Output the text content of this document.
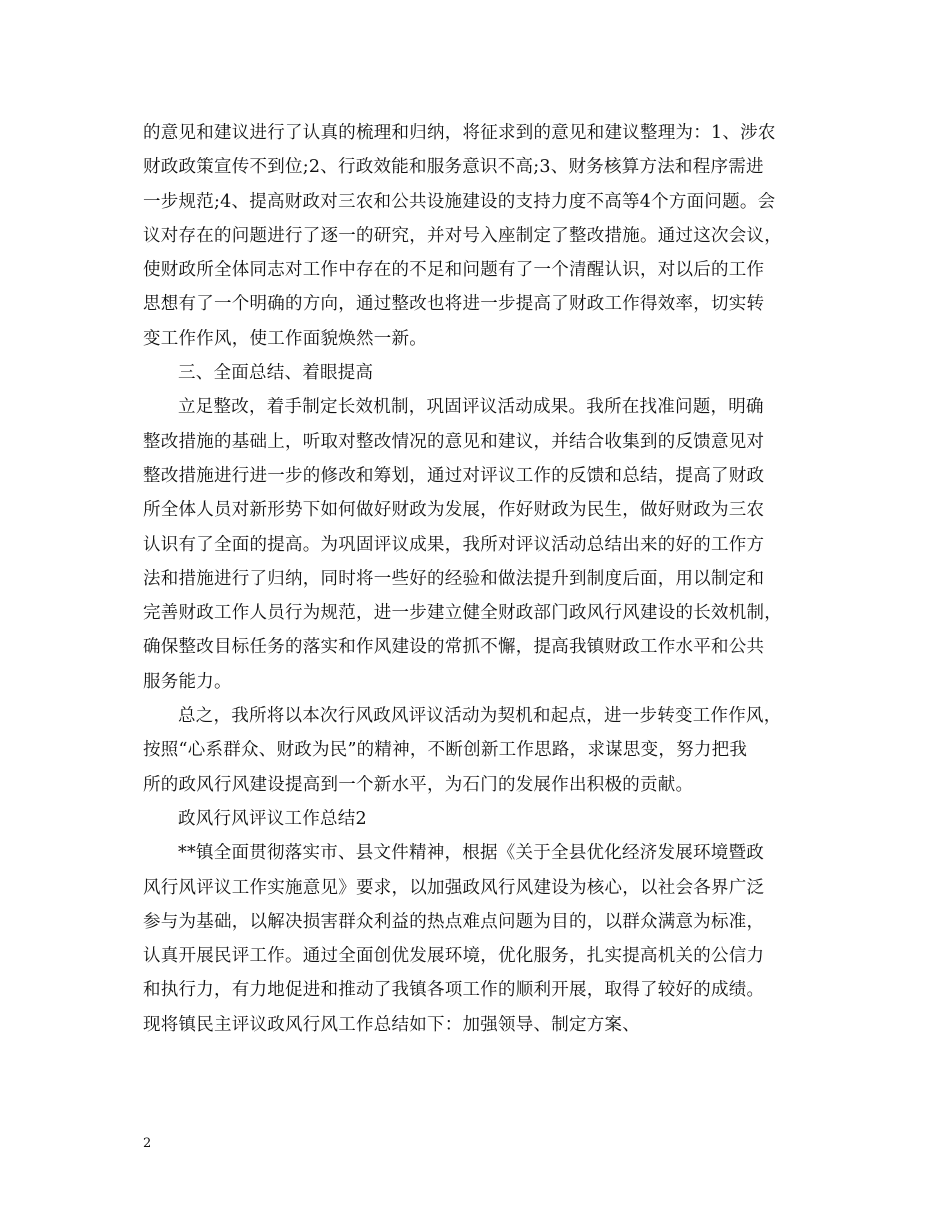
的意见和建议进行了认真的梳理和归纳，将征求到的意见和建议整理为：1、涉农
财政政策宣传不到位;2、行政效能和服务意识不高;3、财务核算方法和程序需进
一步规范;4、提高财政对三农和公共设施建设的支持力度不高等4个方面问题。会
议对存在的问题进行了逐一的研究，并对号入座制定了整改措施。通过这次会议，
使财政所全体同志对工作中存在的不足和问题有了一个清醒认识，对以后的工作
思想有了一个明确的方向，通过整改也将进一步提高了财政工作得效率，切实转
变工作作风，使工作面貌焕然一新。
三、全面总结、着眼提高
立足整改，着手制定长效机制，巩固评议活动成果。我所在找准问题，明确
整改措施的基础上，听取对整改情况的意见和建议，并结合收集到的反馈意见对
整改措施进行进一步的修改和筹划，通过对评议工作的反馈和总结，提高了财政
所全体人员对新形势下如何做好财政为发展，作好财政为民生，做好财政为三农
认识有了全面的提高。为巩固评议成果，我所对评议活动总结出来的好的工作方
法和措施进行了归纳，同时将一些好的经验和做法提升到制度后面，用以制定和
完善财政工作人员行为规范，进一步建立健全财政部门政风行风建设的长效机制，
确保整改目标任务的落实和作风建设的常抓不懈，提高我镇财政工作水平和公共
服务能力。
总之，我所将以本次行风政风评议活动为契机和起点，进一步转变工作作风，
按照“心系群众、财政为民”的精神，不断创新工作思路，求谋思变，努力把我
所的政风行风建设提高到一个新水平，为石门的发展作出积极的贡献。
政风行风评议工作总结2
**镇全面贯彻落实市、县文件精神，根据《关于全县优化经济发展环境暨政
风行风评议工作实施意见》要求，以加强政风行风建设为核心，以社会各界广泛
参与为基础，以解决损害群众利益的热点难点问题为目的，以群众满意为标准，
认真开展民评工作。通过全面创优发展环境，优化服务，扎实提高机关的公信力
和执行力，有力地促进和推动了我镇各项工作的顺利开展，取得了较好的成绩。
现将镇民主评议政风行风工作总结如下：加强领导、制定方案、
2
